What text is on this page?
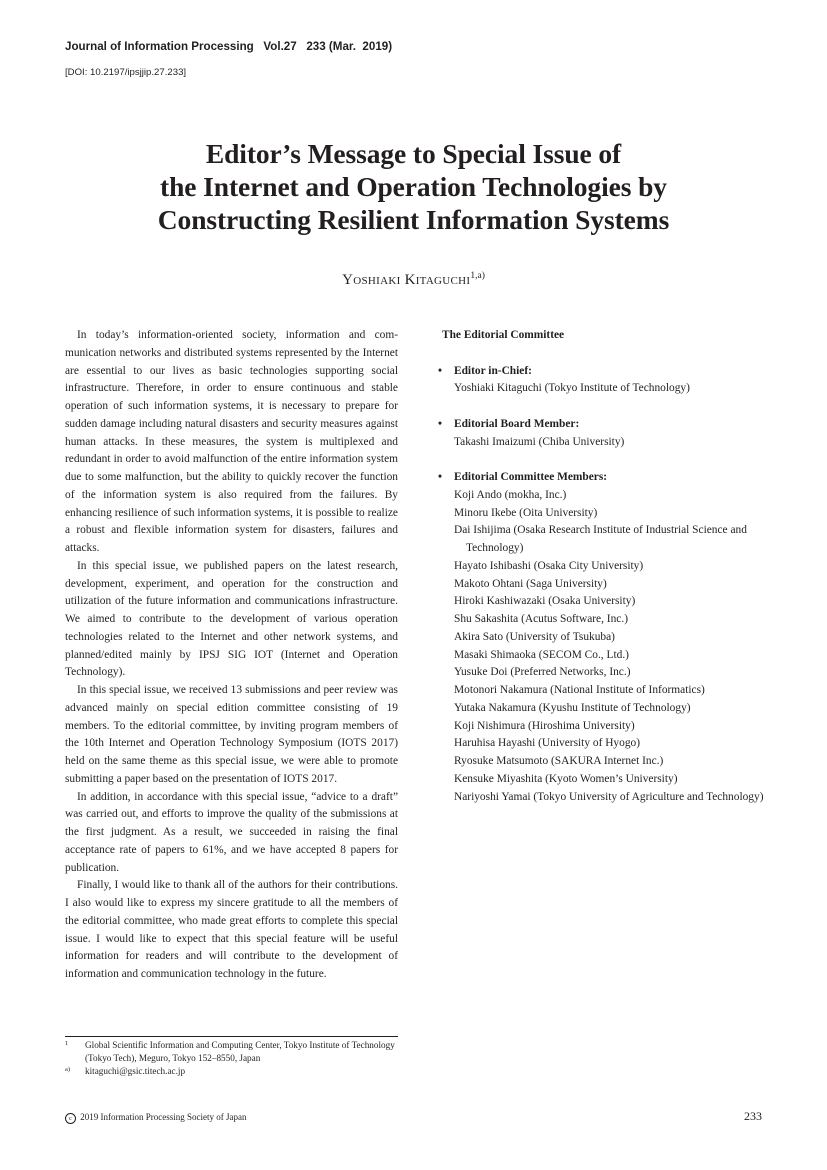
Journal of Information Processing   Vol.27   233 (Mar.  2019)
[DOI: 10.2197/ipsjjip.27.233]
Editor’s Message to Special Issue of
the Internet and Operation Technologies by
Constructing Resilient Information Systems
Yoshiaki Kitaguchi$^{1,a)}$

In today’s information-oriented society, information and communication networks and distributed systems represented by the Internet are essential to our lives as basic technologies supporting social infrastructure. Therefore, in order to ensure continuous and stable operation of such information systems, it is necessary to prepare for sudden damage including natural disasters and security measures against human attacks. In these measures, the system is multiplexed and redundant in order to avoid malfunction of the entire information system due to some malfunction, but the ability to quickly recover the function of the information system is also required from the failures. By enhancing resilience of such information systems, it is possible to realize a robust and flexible information system for disasters, failures and attacks.

In this special issue, we published papers on the latest research, development, experiment, and operation for the construction and utilization of the future information and communications infrastructure. We aimed to contribute to the development of various operation technologies related to the Internet and other network systems, and planned/edited mainly by IPSJ SIG IOT (Internet and Operation Technology).

In this special issue, we received 13 submissions and peer review was advanced mainly on special edition committee consisting of 19 members. To the editorial committee, by inviting program members of the 10th Internet and Operation Technology Symposium (IOTS 2017) held on the same theme as this special issue, we were able to promote submitting a paper based on the presentation of IOTS 2017.

In addition, in accordance with this special issue, “advice to a draft” was carried out, and efforts to improve the quality of the submissions at the first judgment. As a result, we succeeded in raising the final acceptance rate of papers to 61%, and we have accepted 8 papers for publication.

Finally, I would like to thank all of the authors for their contributions. I also would like to express my sincere gratitude to all the members of the editorial committee, who made great efforts to complete this special issue. I would like to expect that this special feature will be useful information for readers and will contribute to the development of information and communication technology in the future.

The Editorial Committee
• Editor in-Chief:
Yoshiaki Kitaguchi (Tokyo Institute of Technology)
• Editorial Board Member:
Takashi Imaizumi (Chiba University)
• Editorial Committee Members:
Koji Ando (mokha, Inc.)
Minoru Ikebe (Oita University)
Dai Ishijima (Osaka Research Institute of Industrial Science and Technology)
Hayato Ishibashi (Osaka City University)
Makoto Ohtani (Saga University)
Hiroki Kashiwazaki (Osaka University)
Shu Sakashita (Acutus Software, Inc.)
Akira Sato (University of Tsukuba)
Masaki Shimaoka (SECOM Co., Ltd.)
Yusuke Doi (Preferred Networks, Inc.)
Motonori Nakamura (National Institute of Informatics)
Yutaka Nakamura (Kyushu Institute of Technology)
Koji Nishimura (Hiroshima University)
Haruhisa Hayashi (University of Hyogo)
Ryosuke Matsumoto (SAKURA Internet Inc.)
Kensuke Miyashita (Kyoto Women’s University)
Nariyoshi Yamai (Tokyo University of Agriculture and Technology)
1 Global Scientific Information and Computing Center, Tokyo Institute of Technology (Tokyo Tech), Meguro, Tokyo 152–8550, Japan
a) kitaguchi@gsic.titech.ac.jp
c 2019 Information Processing Society of Japan	233
